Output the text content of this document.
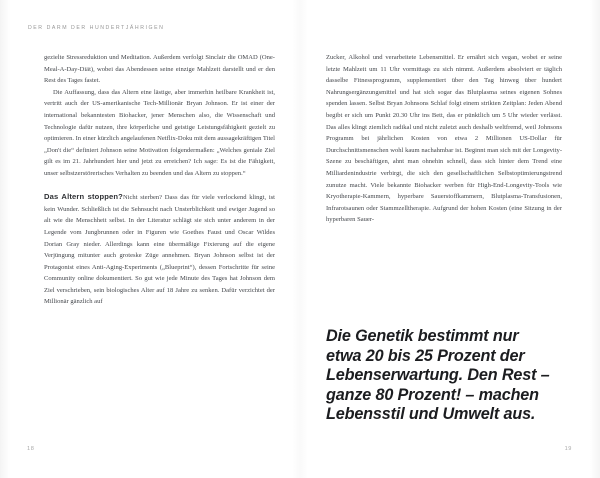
DER DARM DER HUNDERTJÄHRIGEN

gezielte Stressreduktion und Meditation. Außerdem verfolgt Sinclair die OMAD (One-Meal-A-Day-Diät), wobei das Abendessen seine einzige Mahlzeit darstellt und er den Rest des Tages fastet.

Die Auffassung, dass das Altern eine lästige, aber immerhin heilbare Krankheit ist, vertritt auch der US-amerikanische Tech-Millionär Bryan Johnson. Er ist einer der international bekanntesten Biohacker, jener Menschen also, die Wissenschaft und Technologie dafür nutzen, ihre körperliche und geistige Leistungsfähigkeit gezielt zu optimieren. In einer kürzlich angelaufenen Netflix-Doku mit dem aussagekräftigen Titel „Don't die“ definiert Johnson seine Motivation folgendermaßen: „Welches geniale Ziel gilt es im 21. Jahrhundert hier und jetzt zu erreichen? Ich sage: Es ist die Fähigkeit, unser selbstzerstörerisches Verhalten zu beenden und das Altern zu stoppen.“

Das Altern stoppen?Nicht sterben? Dass das für viele verlockend klingt, ist kein Wunder. Schließlich ist die Sehnsucht nach Unsterblichkeit und ewiger Jugend so alt wie die Menschheit selbst. In der Literatur schlägt sie sich unter anderem in der Legende vom Jungbrunnen oder in Figuren wie Goethes Faust und Oscar Wildes Dorian Gray nieder. Allerdings kann eine übermäßige Fixierung auf die eigene Verjüngung mitunter auch groteske Züge annehmen. Bryan Johnson selbst ist der Protagonist eines Anti-Aging-Experiments („Blueprint“), dessen Fortschritte für seine Community online dokumentiert. So gut wie jede Minute des Tages hat Johnson dem Ziel verschrieben, sein biologisches Alter auf 18 Jahre zu senken. Dafür verzichtet der Millionär gänzlich auf

18

Zucker, Alkohol und verarbeitete Lebensmittel. Er ernährt sich vegan, wobei er seine letzte Mahlzeit um 11 Uhr vormittags zu sich nimmt. Außerdem absolviert er täglich dasselbe Fitnessprogramm, supplementiert über den Tag hinweg über hundert Nahrungsergänzungsmittel und hat sich sogar das Blutplasma seines eigenen Sohnes spenden lassen. Selbst Bryan Johnsons Schlaf folgt einem strikten Zeitplan: Jeden Abend begibt er sich um Punkt 20.30 Uhr ins Bett, das er pünktlich um 5 Uhr wieder verlässt. Das alles klingt ziemlich radikal und nicht zuletzt auch deshalb weltfremd, weil Johnsons Programm bei jährlichen Kosten von etwa 2 Millionen US-Dollar für Durchschnittsmenschen wohl kaum nachahmbar ist. Beginnt man sich mit der Longevity-Szene zu beschäftigen, ahnt man ohnehin schnell, dass sich hinter dem Trend eine Milliardenindustrie verbirgt, die sich den gesellschaftlichen Selbstoptimierungstrend zunutze macht. Viele bekannte Biohacker werben für High-End-Longevity-Tools wie Kryotherapie-Kammern, hyperbare Sauerstoffkammern, Blutplasma-Transfusionen, Infrarotsaunen oder Stammzelltherapie. Aufgrund der hohen Kosten (eine Sitzung in der hyperbaren Sauer-

Die Genetik bestimmt nur etwa 20 bis 25 Prozent der Lebenserwartung. Den Rest – ganze 80 Prozent! – machen Lebensstil und Umwelt aus.
19
